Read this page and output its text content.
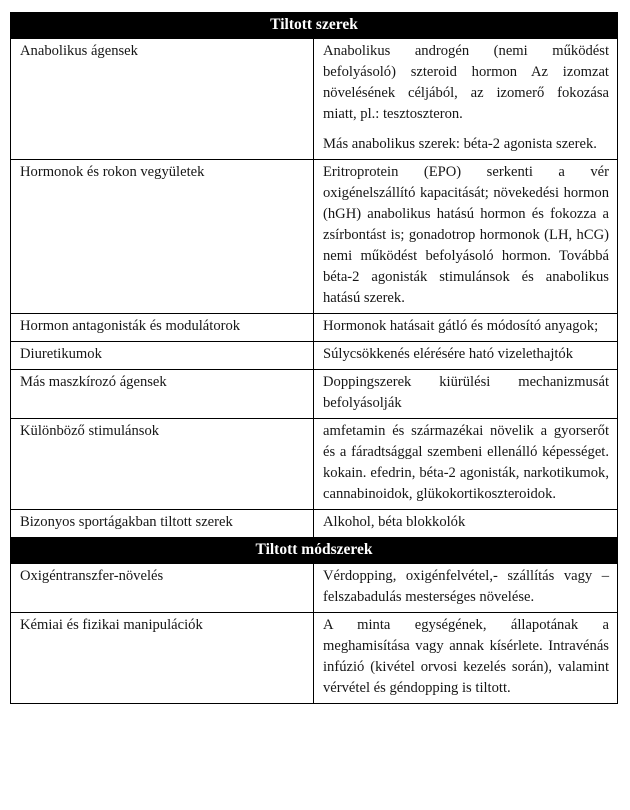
Tiltott szerek	

Anabolikus ágensek	Anabolikus androgén (nemi működést befolyásoló) szteroid hormon Az izomzat növelésének céljából, az izomerő fokozása miatt, pl.: tesztoszteron.

Más anabolikus szerek: béta-2 agonista szerek.

Hormonok és rokon vegyületek	Eritroprotein (EPO) serkenti a vér oxigénelszállító kapacitását; növekedési hormon (hGH) anabolikus hatású hormon és fokozza a zsírbontást is; gonadotrop hormonok (LH, hCG) nemi működést befolyásoló hormon. Továbbá béta-2 agonisták stimulánsok és anabolikus hatású szerek.

Hormon antagonisták és modulátorok	Hormonok hatásait gátló és módosító anyagok;

Diuretikumok	Súlycsökkenés elérésére ható vizelethajtók

Más maszkírozó ágensek	Doppingszerek kiürülési mechanizmusát befolyásolják

Különböző stimulánsok	amfetamin és származékai növelik a gyorserőt és a fáradtsággal szembeni ellenálló képességet. kokain. efedrin, béta-2 agonisták, narkotikumok, cannabinoidok, glükokortikoszteroidok.

Bizonyos sportágakban tiltott szerek	Alkohol, béta blokkolók

Tiltott módszerek	

Oxigéntranszfer-növelés	Vérdopping, oxigénfelvétel,- szállítás vagy – felszabadulás mesterséges növelése.

Kémiai és fizikai manipulációk	A minta egységének, állapotának a meghamisítása vagy annak kísérlete. Intravénás infúzió (kivétel orvosi kezelés során), valamint vérvétel és géndopping is tiltott.
